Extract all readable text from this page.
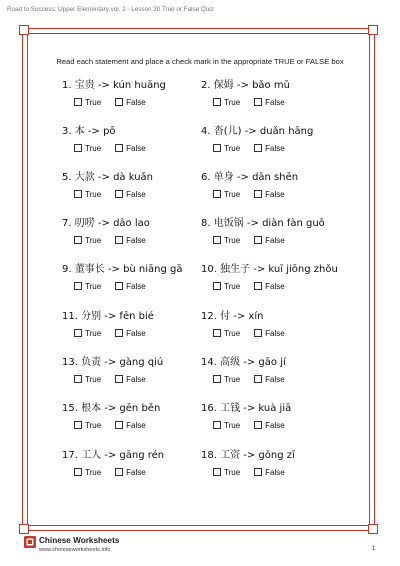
Road to Success: Upper Elementary vol. 2 - Lesson 20 True or False Quiz
Read each statement and place a check mark in the appropriate TRUE or FALSE box
1. 宝贵 -> kún huāng
True	False
2. 保姆 -> bǎo mǔ
True	False
3. 本 -> pō
True	False
4. 沓(儿) -> duǎn hāng
True	False
5. 大款 -> dà kuǎn
True	False
6. 单身 -> dān shēn
True	False
7. 叨唠 -> dāo lao
True	False
8. 电饭锅 -> diàn fàn guō
True	False
9. 董事长 -> bù niāng gā
True	False
10. 独生子 -> kuī jiōng zhǒu
True	False
11. 分别 -> fēn bié
True	False
12. 付 -> xín
True	False
13. 负责 -> gàng qiú
True	False
14. 高级 -> gāo jí
True	False
15. 根本 -> gēn běn
True	False
16. 工钱 -> kuà jiā
True	False
17. 工人 -> gāng rén
True	False
18. 工资 -> gōng zī
True	False
Chinese Worksheets
www.chineseworksheets.info	1
